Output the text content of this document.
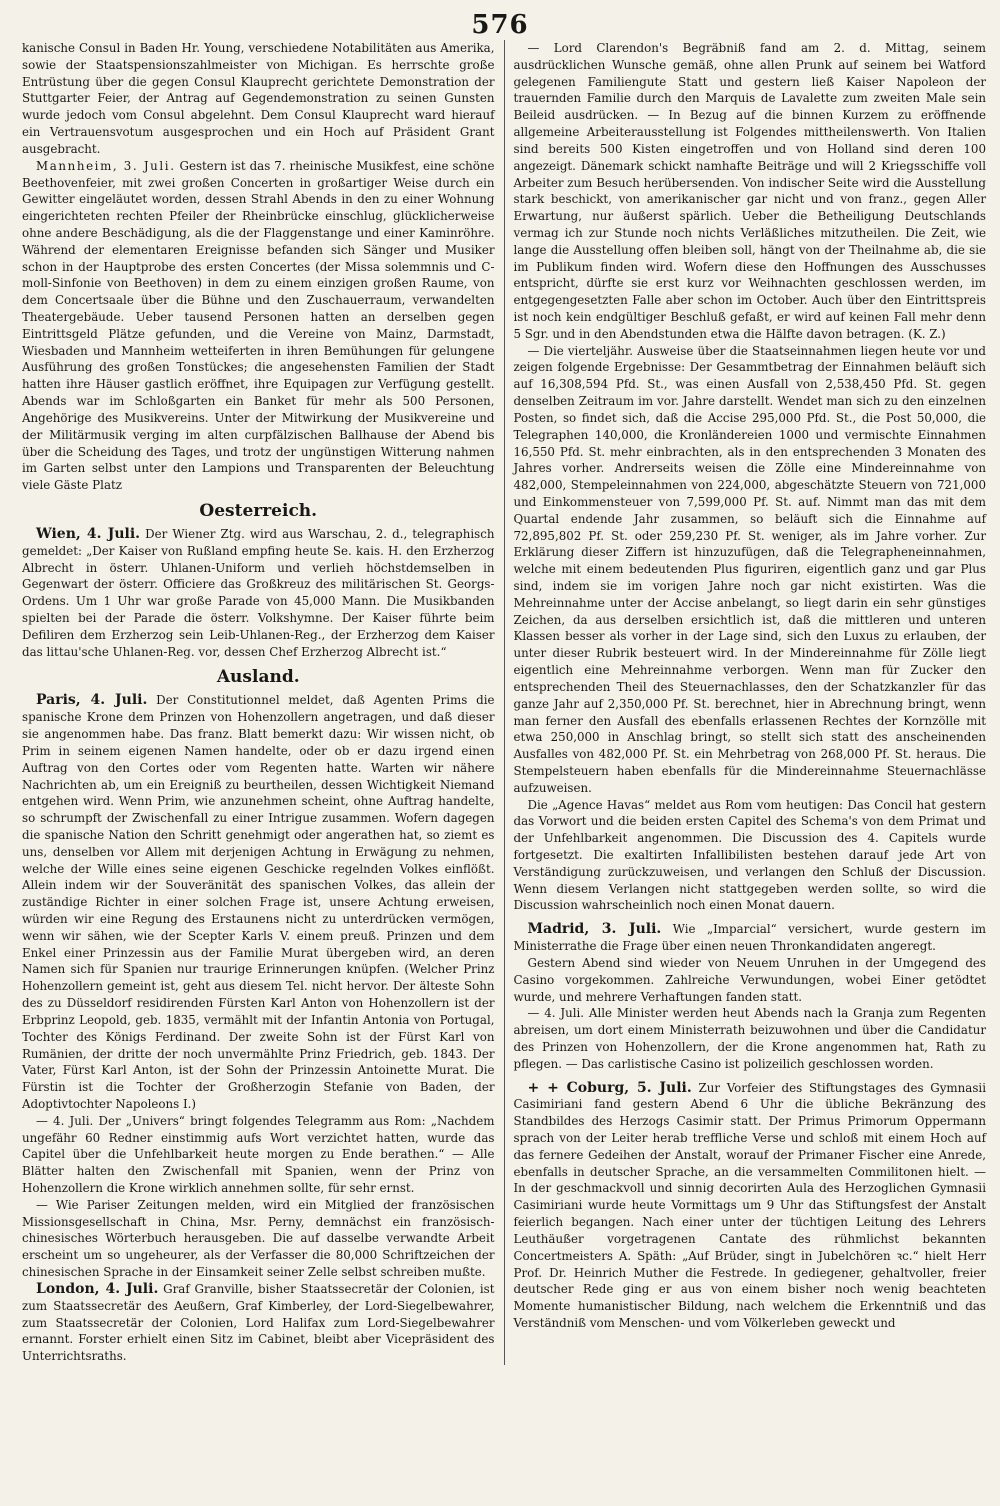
576

kanische Consul in Baden Hr. Young, verschiedene Notabilitäten aus Amerika, sowie der Staatspensionszahlmeister von Michigan. Es herrschte große Entrüstung über die gegen Consul Klauprecht gerichtete Demonstration der Stuttgarter Feier, der Antrag auf Gegendemonstration zu seinen Gunsten wurde jedoch vom Consul abgelehnt. Dem Consul Klauprecht ward hierauf ein Vertrauensvotum ausgesprochen und ein Hoch auf Präsident Grant ausgebracht.

Mannheim, 3. Juli. Gestern ist das 7. rheinische Musikfest, eine schöne Beethovenfeier, mit zwei großen Concerten in großartiger Weise durch ein Gewitter eingeläutet worden, dessen Strahl Abends in den zu einer Wohnung eingerichteten rechten Pfeiler der Rheinbrücke einschlug, glücklicherweise ohne andere Beschädigung, als die der Flaggenstange und einer Kaminröhre. Während der elementaren Ereignisse befanden sich Sänger und Musiker schon in der Hauptprobe des ersten Concertes (der Missa solemmnis und C-moll-Sinfonie von Beethoven) in dem zu einem einzigen großen Raume, von dem Concertsaale über die Bühne und den Zuschauerraum, verwandelten Theatergebäude. Ueber tausend Personen hatten an derselben gegen Eintrittsgeld Plätze gefunden, und die Vereine von Mainz, Darmstadt, Wiesbaden und Mannheim wetteiferten in ihren Bemühungen für gelungene Ausführung des großen Tonstückes; die angesehensten Familien der Stadt hatten ihre Häuser gastlich eröffnet, ihre Equipagen zur Verfügung gestellt. Abends war im Schloßgarten ein Banket für mehr als 500 Personen, Angehörige des Musikvereins. Unter der Mitwirkung der Musikvereine und der Militärmusik verging im alten curpfälzischen Ballhause der Abend bis über die Scheidung des Tages, und trotz der ungünstigen Witterung nahmen im Garten selbst unter den Lampions und Transparenten der Beleuchtung viele Gäste Platz

Oesterreich.

Wien, 4. Juli. Der Wiener Ztg. wird aus Warschau, 2. d., telegraphisch gemeldet: „Der Kaiser von Rußland empfing heute Se. kais. H. den Erzherzog Albrecht in österr. Uhlanen-Uniform und verlieh höchstdemselben in Gegenwart der österr. Officiere das Großkreuz des militärischen St. Georgs-Ordens. Um 1 Uhr war große Parade von 45,000 Mann. Die Musikbanden spielten bei der Parade die österr. Volkshymne. Der Kaiser führte beim Defiliren dem Erzherzog sein Leib-Uhlanen-Reg., der Erzherzog dem Kaiser das littau'sche Uhlanen-Reg. vor, dessen Chef Erzherzog Albrecht ist.“

Ausland.

Paris, 4. Juli. Der Constitutionnel meldet, daß Agenten Prims die spanische Krone dem Prinzen von Hohenzollern angetragen, und daß dieser sie angenommen habe. Das franz. Blatt bemerkt dazu: Wir wissen nicht, ob Prim in seinem eigenen Namen handelte, oder ob er dazu irgend einen Auftrag von den Cortes oder vom Regenten hatte. Warten wir nähere Nachrichten ab, um ein Ereigniß zu beurtheilen, dessen Wichtigkeit Niemand entgehen wird. Wenn Prim, wie anzunehmen scheint, ohne Auftrag handelte, so schrumpft der Zwischenfall zu einer Intrigue zusammen. Wofern dagegen die spanische Nation den Schritt genehmigt oder angerathen hat, so ziemt es uns, denselben vor Allem mit derjenigen Achtung in Erwägung zu nehmen, welche der Wille eines seine eigenen Geschicke regelnden Volkes einflößt. Allein indem wir der Souveränität des spanischen Volkes, das allein der zuständige Richter in einer solchen Frage ist, unsere Achtung erweisen, würden wir eine Regung des Erstaunens nicht zu unterdrücken vermögen, wenn wir sähen, wie der Scepter Karls V. einem preuß. Prinzen und dem Enkel einer Prinzessin aus der Familie Murat übergeben wird, an deren Namen sich für Spanien nur traurige Erinnerungen knüpfen. (Welcher Prinz Hohenzollern gemeint ist, geht aus diesem Tel. nicht hervor. Der älteste Sohn des zu Düsseldorf residirenden Fürsten Karl Anton von Hohenzollern ist der Erbprinz Leopold, geb. 1835, vermählt mit der Infantin Antonia von Portugal, Tochter des Königs Ferdinand. Der zweite Sohn ist der Fürst Karl von Rumänien, der dritte der noch unvermählte Prinz Friedrich, geb. 1843. Der Vater, Fürst Karl Anton, ist der Sohn der Prinzessin Antoinette Murat. Die Fürstin ist die Tochter der Großherzogin Stefanie von Baden, der Adoptivtochter Napoleons I.)

— 4. Juli. Der „Univers“ bringt folgendes Telegramm aus Rom: „Nachdem ungefähr 60 Redner einstimmig aufs Wort verzichtet hatten, wurde das Capitel über die Unfehlbarkeit heute morgen zu Ende berathen.“ — Alle Blätter halten den Zwischenfall mit Spanien, wenn der Prinz von Hohenzollern die Krone wirklich annehmen sollte, für sehr ernst.

— Wie Pariser Zeitungen melden, wird ein Mitglied der französischen Missionsgesellschaft in China, Msr. Perny, demnächst ein französisch-chinesisches Wörterbuch herausgeben. Die auf dasselbe verwandte Arbeit erscheint um so ungeheurer, als der Verfasser die 80,000 Schriftzeichen der chinesischen Sprache in der Einsamkeit seiner Zelle selbst schreiben mußte.

London, 4. Juli. Graf Granville, bisher Staatssecretär der Colonien, ist zum Staatssecretär des Aeußern, Graf Kimberley, der Lord-Siegelbewahrer, zum Staatssecretär der Colonien, Lord Halifax zum Lord-Siegelbewahrer ernannt. Forster erhielt einen Sitz im Cabinet, bleibt aber Vicepräsident des Unterrichtsraths.

— Lord Clarendon's Begräbniß fand am 2. d. Mittag, seinem ausdrücklichen Wunsche gemäß, ohne allen Prunk auf seinem bei Watford gelegenen Familiengute Statt und gestern ließ Kaiser Napoleon der trauernden Familie durch den Marquis de Lavalette zum zweiten Male sein Beileid ausdrücken. — In Bezug auf die binnen Kurzem zu eröffnende allgemeine Arbeiterausstellung ist Folgendes mittheilenswerth. Von Italien sind bereits 500 Kisten eingetroffen und von Holland sind deren 100 angezeigt. Dänemark schickt namhafte Beiträge und will 2 Kriegsschiffe voll Arbeiter zum Besuch herübersenden. Von indischer Seite wird die Ausstellung stark beschickt, von amerikanischer gar nicht und von franz., gegen Aller Erwartung, nur äußerst spärlich. Ueber die Betheiligung Deutschlands vermag ich zur Stunde noch nichts Verläßliches mitzutheilen. Die Zeit, wie lange die Ausstellung offen bleiben soll, hängt von der Theilnahme ab, die sie im Publikum finden wird. Wofern diese den Hoffnungen des Ausschusses entspricht, dürfte sie erst kurz vor Weihnachten geschlossen werden, im entgegengesetzten Falle aber schon im October. Auch über den Eintrittspreis ist noch kein endgültiger Beschluß gefaßt, er wird auf keinen Fall mehr denn 5 Sgr. und in den Abendstunden etwa die Hälfte davon betragen. (K. Z.)

— Die vierteljähr. Ausweise über die Staatseinnahmen liegen heute vor und zeigen folgende Ergebnisse: Der Gesammtbetrag der Einnahmen beläuft sich auf 16,308,594 Pfd. St., was einen Ausfall von 2,538,450 Pfd. St. gegen denselben Zeitraum im vor. Jahre darstellt. Wendet man sich zu den einzelnen Posten, so findet sich, daß die Accise 295,000 Pfd. St., die Post 50,000, die Telegraphen 140,000, die Kronländereien 1000 und vermischte Einnahmen 16,550 Pfd. St. mehr einbrachten, als in den entsprechenden 3 Monaten des Jahres vorher. Andrerseits weisen die Zölle eine Mindereinnahme von 482,000, Stempeleinnahmen von 224,000, abgeschätzte Steuern von 721,000 und Einkommensteuer von 7,599,000 Pf. St. auf. Nimmt man das mit dem Quartal endende Jahr zusammen, so beläuft sich die Einnahme auf 72,895,802 Pf. St. oder 259,230 Pf. St. weniger, als im Jahre vorher. Zur Erklärung dieser Ziffern ist hinzuzufügen, daß die Telegrapheneinnahmen, welche mit einem bedeutenden Plus figuriren, eigentlich ganz und gar Plus sind, indem sie im vorigen Jahre noch gar nicht existirten. Was die Mehreinnahme unter der Accise anbelangt, so liegt darin ein sehr günstiges Zeichen, da aus derselben ersichtlich ist, daß die mittleren und unteren Klassen besser als vorher in der Lage sind, sich den Luxus zu erlauben, der unter dieser Rubrik besteuert wird. In der Mindereinnahme für Zölle liegt eigentlich eine Mehreinnahme verborgen. Wenn man für Zucker den entsprechenden Theil des Steuernachlasses, den der Schatzkanzler für das ganze Jahr auf 2,350,000 Pf. St. berechnet, hier in Abrechnung bringt, wenn man ferner den Ausfall des ebenfalls erlassenen Rechtes der Kornzölle mit etwa 250,000 in Anschlag bringt, so stellt sich statt des anscheinenden Ausfalles von 482,000 Pf. St. ein Mehrbetrag von 268,000 Pf. St. heraus. Die Stempelsteuern haben ebenfalls für die Mindereinnahme Steuernachlässe aufzuweisen.

Die „Agence Havas“ meldet aus Rom vom heutigen: Das Concil hat gestern das Vorwort und die beiden ersten Capitel des Schema's von dem Primat und der Unfehlbarkeit angenommen. Die Discussion des 4. Capitels wurde fortgesetzt. Die exaltirten Infallibilisten bestehen darauf jede Art von Verständigung zurückzuweisen, und verlangen den Schluß der Discussion. Wenn diesem Verlangen nicht stattgegeben werden sollte, so wird die Discussion wahrscheinlich noch einen Monat dauern.

Madrid, 3. Juli. Wie „Imparcial“ versichert, wurde gestern im Ministerrathe die Frage über einen neuen Thronkandidaten angeregt.

Gestern Abend sind wieder von Neuem Unruhen in der Umgegend des Casino vorgekommen. Zahlreiche Verwundungen, wobei Einer getödtet wurde, und mehrere Verhaftungen fanden statt.

— 4. Juli. Alle Minister werden heut Abends nach la Granja zum Regenten abreisen, um dort einem Ministerrath beizuwohnen und über die Candidatur des Prinzen von Hohenzollern, der die Krone angenommen hat, Rath zu pflegen. — Das carlistische Casino ist polizeilich geschlossen worden.

+ + Coburg, 5. Juli. Zur Vorfeier des Stiftungstages des Gymnasii Casimiriani fand gestern Abend 6 Uhr die übliche Bekränzung des Standbildes des Herzogs Casimir statt. Der Primus Primorum Oppermann sprach von der Leiter herab treffliche Verse und schloß mit einem Hoch auf das fernere Gedeihen der Anstalt, worauf der Primaner Fischer eine Anrede, ebenfalls in deutscher Sprache, an die versammelten Commilitonen hielt. — In der geschmackvoll und sinnig decorirten Aula des Herzoglichen Gymnasii Casimiriani wurde heute Vormittags um 9 Uhr das Stiftungsfest der Anstalt feierlich begangen. Nach einer unter der tüchtigen Leitung des Lehrers Leuthäußer vorgetragenen Cantate des rühmlichst bekannten Concertmeisters A. Späth: „Auf Brüder, singt in Jubelchören ꝛc.“ hielt Herr Prof. Dr. Heinrich Muther die Festrede. In gediegener, gehaltvoller, freier deutscher Rede ging er aus von einem bisher noch wenig beachteten Momente humanistischer Bildung, nach welchem die Erkenntniß und das Verständniß vom Menschen- und vom Völkerleben geweckt und
